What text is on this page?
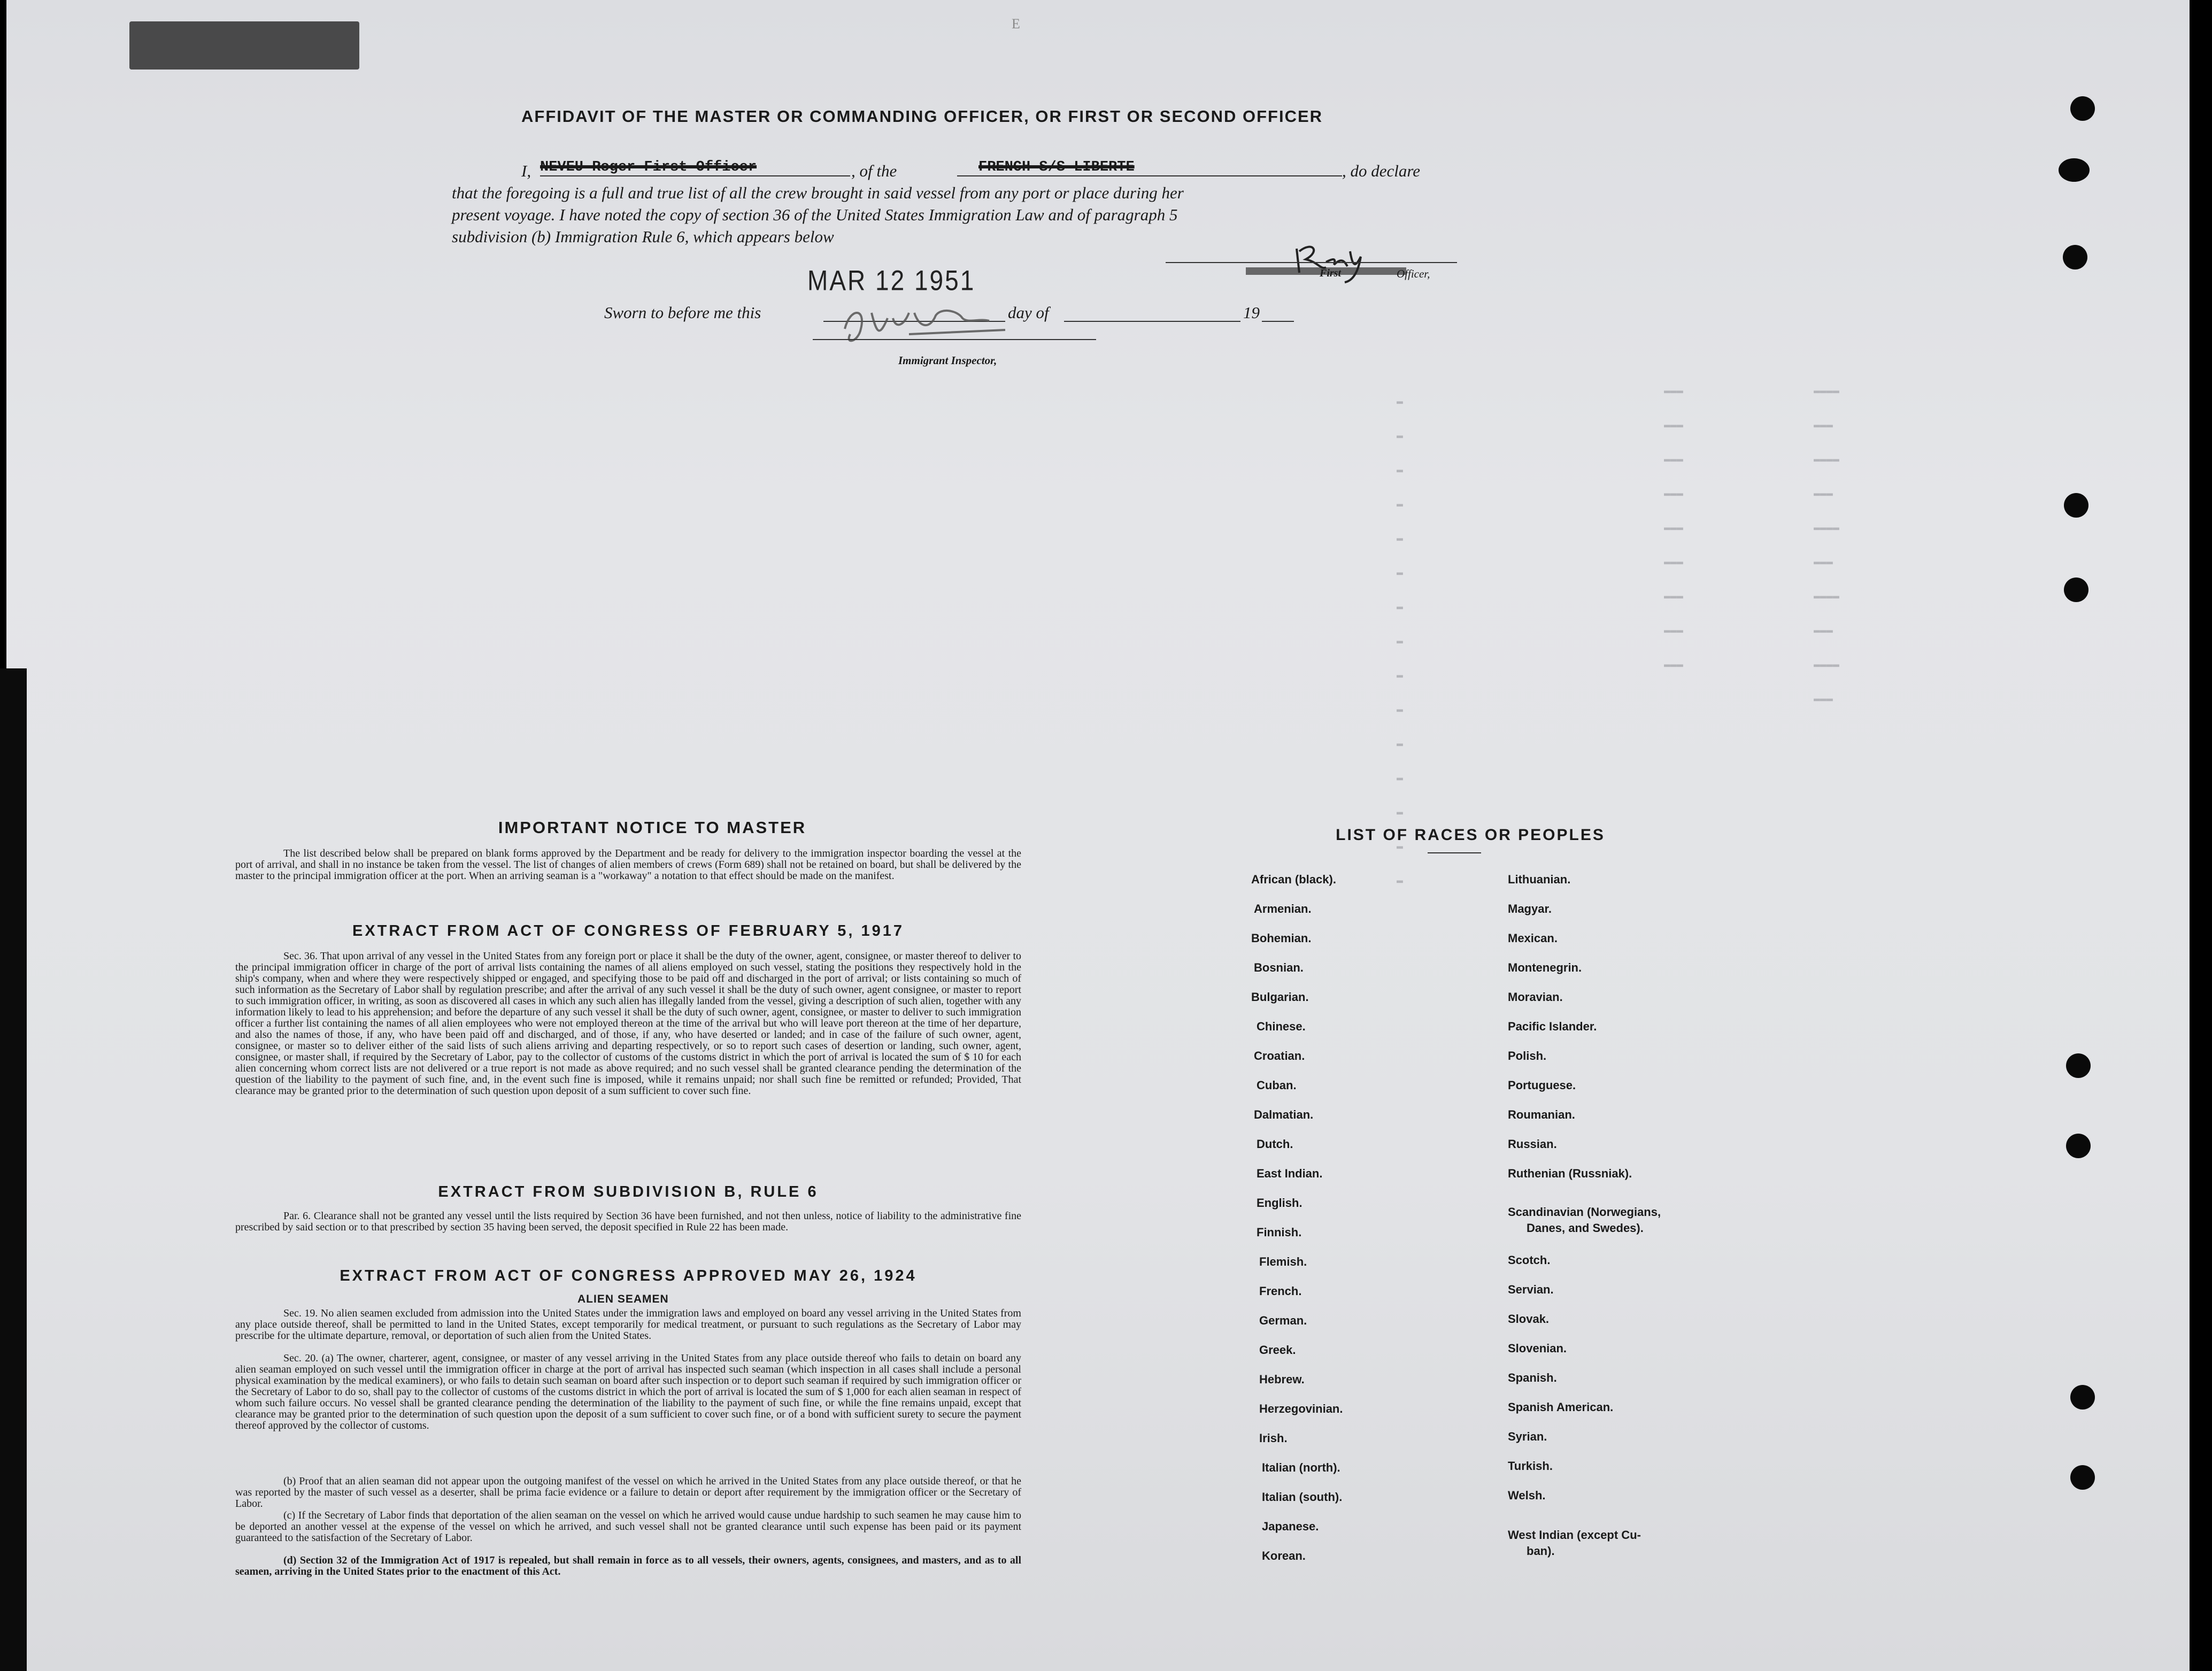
E
▬
▬
▬
▬
▬
▬
▬
▬
▬
▬
▬
▬
▬
▬
▬
▬▬▬
▬▬▬
▬▬▬
▬▬▬
▬▬▬
▬▬▬
▬▬▬
▬▬▬
▬▬▬
▬▬▬▬
▬▬▬
▬▬▬▬
▬▬▬
▬▬▬▬
▬▬▬
▬▬▬▬
▬▬▬
▬▬▬▬
▬▬▬
AFFIDAVIT OF THE MASTER OR COMMANDING OFFICER, OR FIRST OR SECOND OFFICER
I, NEVEU Roger First Officer	, of the	FRENCH S/S LIBERTE	, do declare
that the foregoing is a full and true list of all the crew brought in said vessel from any port or place during her
present voyage. I have noted the copy of section 36 of the United States Immigration Law and of paragraph 5
subdivision (b) Immigration Rule 6, which appears below
MAR 12 1951	First	Officer,
Sworn to before me this	day of	19
Immigrant Inspector,
IMPORTANT NOTICE TO MASTER
The list described below shall be prepared on blank forms approved by the Department and be ready for delivery to the immigration inspector boarding the vessel at the port of arrival, and shall in no instance be taken from the vessel. The list of changes of alien members of crews (Form 689) shall not be retained on board, but shall be delivered by the master to the principal immigration officer at the port. When an arriving seaman is a "workaway" a notation to that effect should be made on the manifest.
EXTRACT FROM ACT OF CONGRESS OF FEBRUARY 5, 1917
Sec. 36. That upon arrival of any vessel in the United States from any foreign port or place it shall be the duty of the owner, agent, consignee, or master thereof to deliver to the principal immigration officer in charge of the port of arrival lists containing the names of all aliens employed on such vessel, stating the positions they respectively hold in the ship's company, when and where they were respectively shipped or engaged, and specifying those to be paid off and discharged in the port of arrival; or lists containing so much of such information as the Secretary of Labor shall by regulation prescribe; and after the arrival of any such vessel it shall be the duty of such owner, agent consignee, or master to report to such immigration officer, in writing, as soon as discovered all cases in which any such alien has illegally landed from the vessel, giving a description of such alien, together with any information likely to lead to his apprehension; and before the departure of any such vessel it shall be the duty of such owner, agent, consignee, or master to deliver to such immigration officer a further list containing the names of all alien employees who were not employed thereon at the time of the arrival but who will leave port thereon at the time of her departure, and also the names of those, if any, who have been paid off and discharged, and of those, if any, who have deserted or landed; and in case of the failure of such owner, agent, consignee, or master so to deliver either of the said lists of such aliens arriving and departing respectively, or so to report such cases of desertion or landing, such owner, agent, consignee, or master shall, if required by the Secretary of Labor, pay to the collector of customs of the customs district in which the port of arrival is located the sum of $ 10 for each alien concerning whom correct lists are not delivered or a true report is not made as above required; and no such vessel shall be granted clearance pending the determination of the question of the liability to the payment of such fine, and, in the event such fine is imposed, while it remains unpaid; nor shall such fine be remitted or refunded; Provided, That clearance may be granted prior to the determination of such question upon deposit of a sum sufficient to cover such fine.
EXTRACT FROM SUBDIVISION B, RULE 6
Par. 6. Clearance shall not be granted any vessel until the lists required by Section 36 have been furnished, and not then unless, notice of liability to the administrative fine prescribed by said section or to that prescribed by section 35 having been served, the deposit specified in Rule 22 has been made.
EXTRACT FROM ACT OF CONGRESS APPROVED MAY 26, 1924
ALIEN SEAMEN
Sec. 19. No alien seamen excluded from admission into the United States under the immigration laws and employed on board any vessel arriving in the United States from any place outside thereof, shall be permitted to land in the United States, except temporarily for medical treatment, or pursuant to such regulations as the Secretary of Labor may prescribe for the ultimate departure, removal, or deportation of such alien from the United States.
Sec. 20. (a) The owner, charterer, agent, consignee, or master of any vessel arriving in the United States from any place outside thereof who fails to detain on board any alien seaman employed on such vessel until the immigration officer in charge at the port of arrival has inspected such seaman (which inspection in all cases shall include a personal physical examination by the medical examiners), or who fails to detain such seaman on board after such inspection or to deport such seaman if required by such immigration officer or the Secretary of Labor to do so, shall pay to the collector of customs of the customs district in which the port of arrival is located the sum of $ 1,000 for each alien seaman in respect of whom such failure occurs. No vessel shall be granted clearance pending the determination of the liability to the payment of such fine, or while the fine remains unpaid, except that clearance may be granted prior to the determination of such question upon the deposit of a sum sufficient to cover such fine, or of a bond with sufficient surety to secure the payment thereof approved by the collector of customs.
(b) Proof that an alien seaman did not appear upon the outgoing manifest of the vessel on which he arrived in the United States from any place outside thereof, or that he was reported by the master of such vessel as a deserter, shall be prima facie evidence or a failure to detain or deport after requirement by the immigration officer or the Secretary of Labor.
(c) If the Secretary of Labor finds that deportation of the alien seaman on the vessel on which he arrived would cause undue hardship to such seamen he may cause him to be deported an another vessel at the expense of the vessel on which he arrived, and such vessel shall not be granted clearance until such expense has been paid or its payment guaranteed to the satisfaction of the Secretary of Labor.
(d) Section 32 of the Immigration Act of 1917 is repealed, but shall remain in force as to all vessels, their owners, agents, consignees, and masters, and as to all seamen, arriving in the United States prior to the enactment of this Act.
LIST OF RACES OR PEOPLES
African (black).
Armenian.
Bohemian.
Bosnian.
Bulgarian.
Chinese.
Croatian.
Cuban.
Dalmatian.
Dutch.
East Indian.
English.
Finnish.
Flemish.
French.
German.
Greek.
Hebrew.
Herzegovinian.
Irish.
Italian (north).
Italian (south).
Japanese.
Korean.
Lithuanian.
Magyar.
Mexican.
Montenegrin.
Moravian.
Pacific Islander.
Polish.
Portuguese.
Roumanian.
Russian.
Ruthenian (Russniak).
Scandinavian (Norwegians,
Danes, and Swedes).
Scotch.
Servian.
Slovak.
Slovenian.
Spanish.
Spanish American.
Syrian.
Turkish.
Welsh.
West Indian (except Cu-
ban).
